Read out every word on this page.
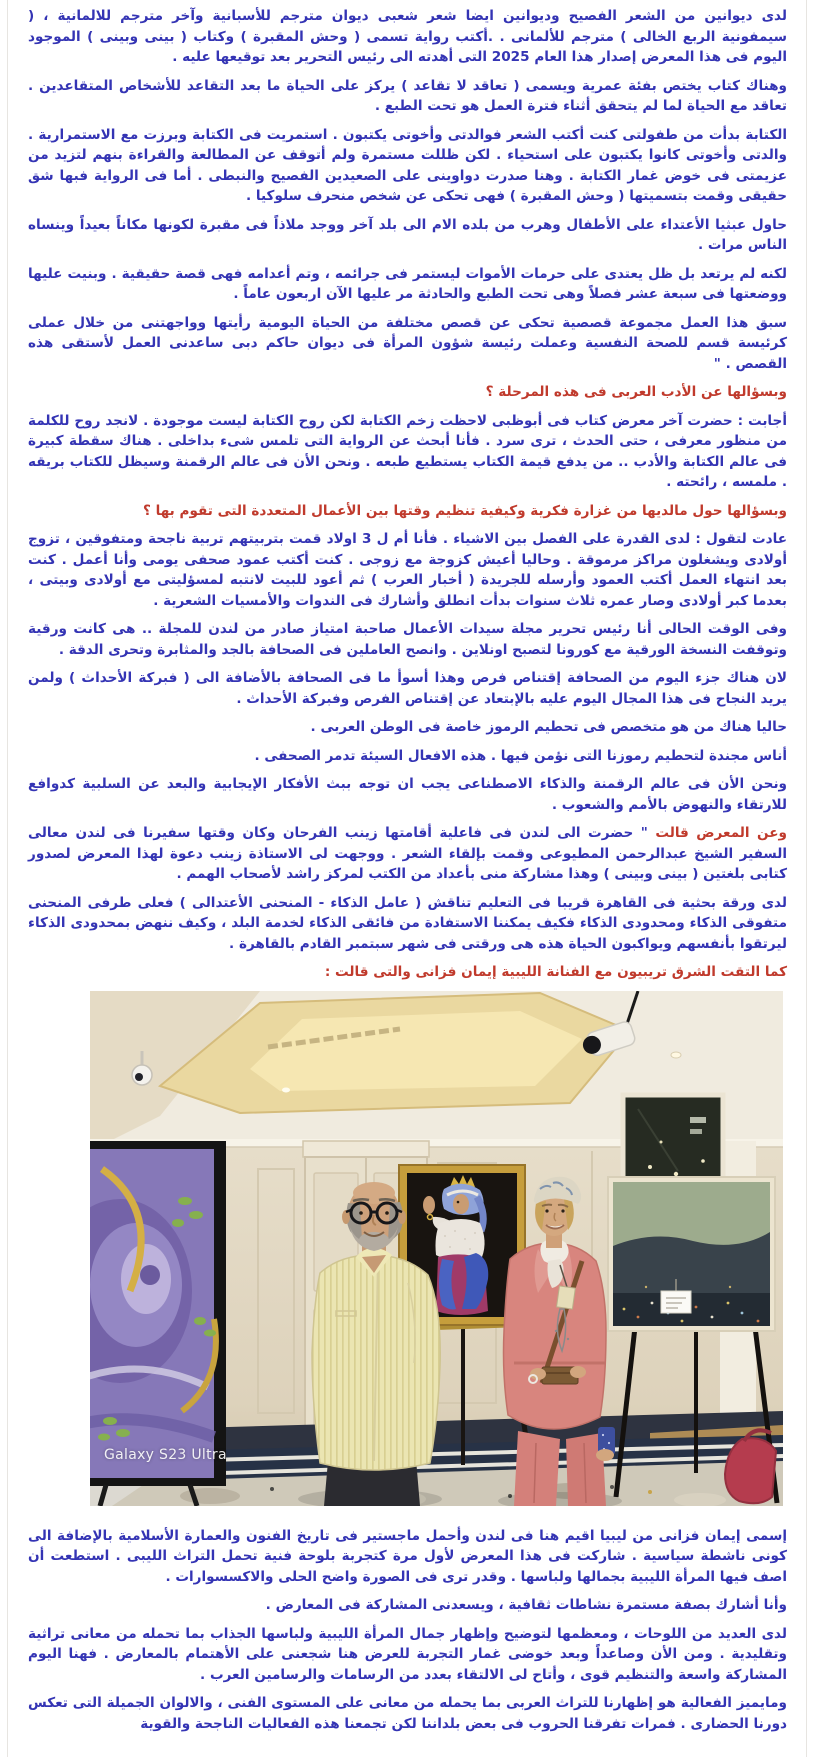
لدى ديوانين من الشعر الفصيح وديوانين ايضا شعر شعبى ديوان مترجم للأسبانية وآخر مترجم للالمانية ، ( سيمفونية الربع الخالى ) مترجم للألمانى . .أكتب رواية تسمى ( وحش المقبرة ) وكتاب ( بينى وبينى ) الموجود اليوم فى هذا المعرض إصدار هذا العام 2025 التى أهدته الى رئيس التحرير بعد توقيعها عليه .

وهناك كتاب يختص بفئة عمرية ويسمى ( تعاقد لا تقاعد ) يركز على الحياة ما بعد التقاعد للأشخاص المتقاعدين . تعاقد مع الحياة لما لم يتحقق أثناء فترة العمل هو تحت الطبع .

الكتابة بدأت من طفولتى كنت أكتب الشعر فوالدتى وأخوتى يكتبون . استمريت فى الكتابة وبرزت مع الاستمرارية . والدتى وأخوتى كانوا يكتبون على استحياء . لكن ظللت مستمرة ولم أتوقف عن المطالعة والقراءة بنهم لتزيد من عزيمتى فى خوض غمار الكتابة . وهنا صدرت دواوينى على الصعيدين الفصيح والنبطى . أما فى الرواية فبها شق حقيقى وقمت بتسميتها ( وحش المقبرة ) فهى تحكى عن شخص منحرف سلوكيا .

حاول عبثيا الأعتداء على الأطفال وهرب من بلده الام الى بلد آخر ووجد ملاذاً فى مقبرة لكونها مكاناً بعيداً وينساه الناس مرات .

لكنه لم يرتعد بل ظل يعتدى على حرمات الأموات ليستمر فى جرائمه ، وتم أعدامه فهى قصة حقيقية . وبنيت عليها ووضعتها فى سبعة عشر فصلاً وهى تحت الطبع والحادثة مر عليها الآن اربعون عاماً .

سبق هذا العمل مجموعة قصصية تحكى عن قصص مختلفة من الحياة اليومية رأيتها وواجهتنى من خلال عملى كرئيسة قسم للصحة النفسية وعملت رئيسة شؤون المرأة فى ديوان حاكم دبى ساعدنى العمل لأستقى هذه القصص . "

وبسؤالها عن الأدب العربى فى هذه المرحلة ؟

أجابت : حضرت آخر معرض كتاب فى أبوظبى لاحظت زخم الكتابة لكن روح الكتابة ليست موجودة . لانجد روح للكلمة من منظور معرفى ، حتى الحدث ، ترى سرد . فأنا أبحث عن الرواية التى تلمس شىء بداخلى . هناك سقطة كبيرة فى عالم الكتابة والأدب .. من يدفع قيمة الكتاب يستطيع طبعه . ونحن الأن فى عالم الرقمنة وسيظل للكتاب بريقه . ملمسه ، رائحته .

وبسؤالها حول مالديها من غزارة فكرية وكيفية تنظيم وقتها بين الأعمال المتعددة التى تقوم بها ؟

عادت لتقول : لدى القدرة على الفصل بين الاشياء . فأنا أم ل 3 اولاد قمت بتربيتهم تربية ناجحة ومتفوقين ، تزوج أولادى ويشغلون مراكز مرموقة . وحاليا أعيش كزوجة مع زوجى . كنت أكتب عمود صحفى يومى وأنا أعمل . كنت بعد انتهاء العمل أكتب العمود وأرسله للجريدة ( أخبار العرب ) ثم أعود للبيت لانتبه لمسؤليتى مع أولادى وبيتى ، بعدما كبر أولادى وصار عمره ثلاث سنوات بدأت انطلق وأشارك فى الندوات والأمسيات الشعرية .

وفى الوقت الحالى أنا رئيس تحرير مجلة سيدات الأعمال صاحبة امتياز صادر من لندن للمجلة .. هى كانت ورقية وتوقفت النسخة الورقية مع كورونا لتصبح اونلاين . وانصح العاملين فى الصحافة بالجد والمثابرة وتحرى الدقة .

لان هناك جزء اليوم من الصحافة إقتناص فرص وهذا أسوأ ما فى الصحافة بالأضافة الى ( فبركة الأحداث ) ولمن يريد النجاح فى هذا المجال اليوم عليه بالإبتعاد عن إقتناص الفرص وفبركة الأحداث .

حاليا هناك من هو متخصص فى تحطيم الرموز خاصة فى الوطن العربى .

أناس مجندة لتحطيم رموزنا التى نؤمن فيها . هذه الافعال السيئة تدمر الصحفى .

ونحن الأن فى عالم الرقمنة والذكاء الاصطناعى يجب ان توجه ببث الأفكار الإيجابية والبعد عن السلبية كدوافع للارتقاء والنهوض بالأمم والشعوب .

وعن المعرض قالت " حضرت الى لندن فى فاعلية أقامتها زينب الفرحان وكان وقتها سفيرنا فى لندن معالى السفير الشيخ عبدالرحمن المطيوعى وقمت بإلقاء الشعر . ووجهت لى الاستاذة زينب دعوة لهذا المعرض لصدور كتابى بلغتين ( بينى وبينى ) وهذا مشاركة منى بأعداد من الكتب لمركز راشد لأصحاب الهمم .

لدى ورقة بحثية فى القاهرة قريبا فى التعليم تناقش ( عامل الذكاء - المنحنى الأعتدالى ) فعلى طرفى المنحنى متفوقى الذكاء ومحدودى الذكاء فكيف يمكننا الاستفادة من فائقى الذكاء لخدمة البلد ، وكيف ننهض بمحدودى الذكاء ليرتقوا بأنفسهم ويواكبون الحياة هذه هى ورقتى فى شهر سبتمبر القادم بالقاهرة .

كما التقت الشرق تريبيون مع الفنانة الليبية إيمان فزانى والتى قالت :

Galaxy S23 Ultra

إسمى إيمان فزانى من ليبيا اقيم هنا فى لندن وأحمل ماجستير فى تاريخ الفنون والعمارة الأسلامية بالإضافة الى كونى ناشطة سياسية . شاركت فى هذا المعرض لأول مرة كتجربة بلوحة فنية تحمل التراث الليبى . استطعت أن اصف فيها المرأة الليبية بجمالها ولباسها . وقدر ترى فى الصورة واضح الحلى والاكسسوارات .

وأنا أشارك بصفة مستمرة نشاطات ثقافية ، ويسعدنى المشاركة فى المعارض .

لدى العديد من اللوحات ، ومعظمها لتوضيح وإظهار جمال المرأة الليبية ولباسها الجذاب بما تحمله من معانى تراثية وتقليدية . ومن الأن وصاعداً وبعد خوضى غمار التجربة للعرض هنا شجعنى على الأهتمام بالمعارض . فهنا اليوم المشاركة واسعة والتنظيم قوى ، وأتاح لى الالتقاء بعدد من الرسامات والرسامين العرب .

ومايميز الفعالية هو إظهارنا للتراث العربى بما يحمله من معانى على المستوى الفنى ، والالوان الجميلة التى تعكس دورنا الحضارى . فمرات تفرقنا الحروب فى بعض بلداننا لكن تجمعنا هذه الفعاليات الناجحة والقوية
